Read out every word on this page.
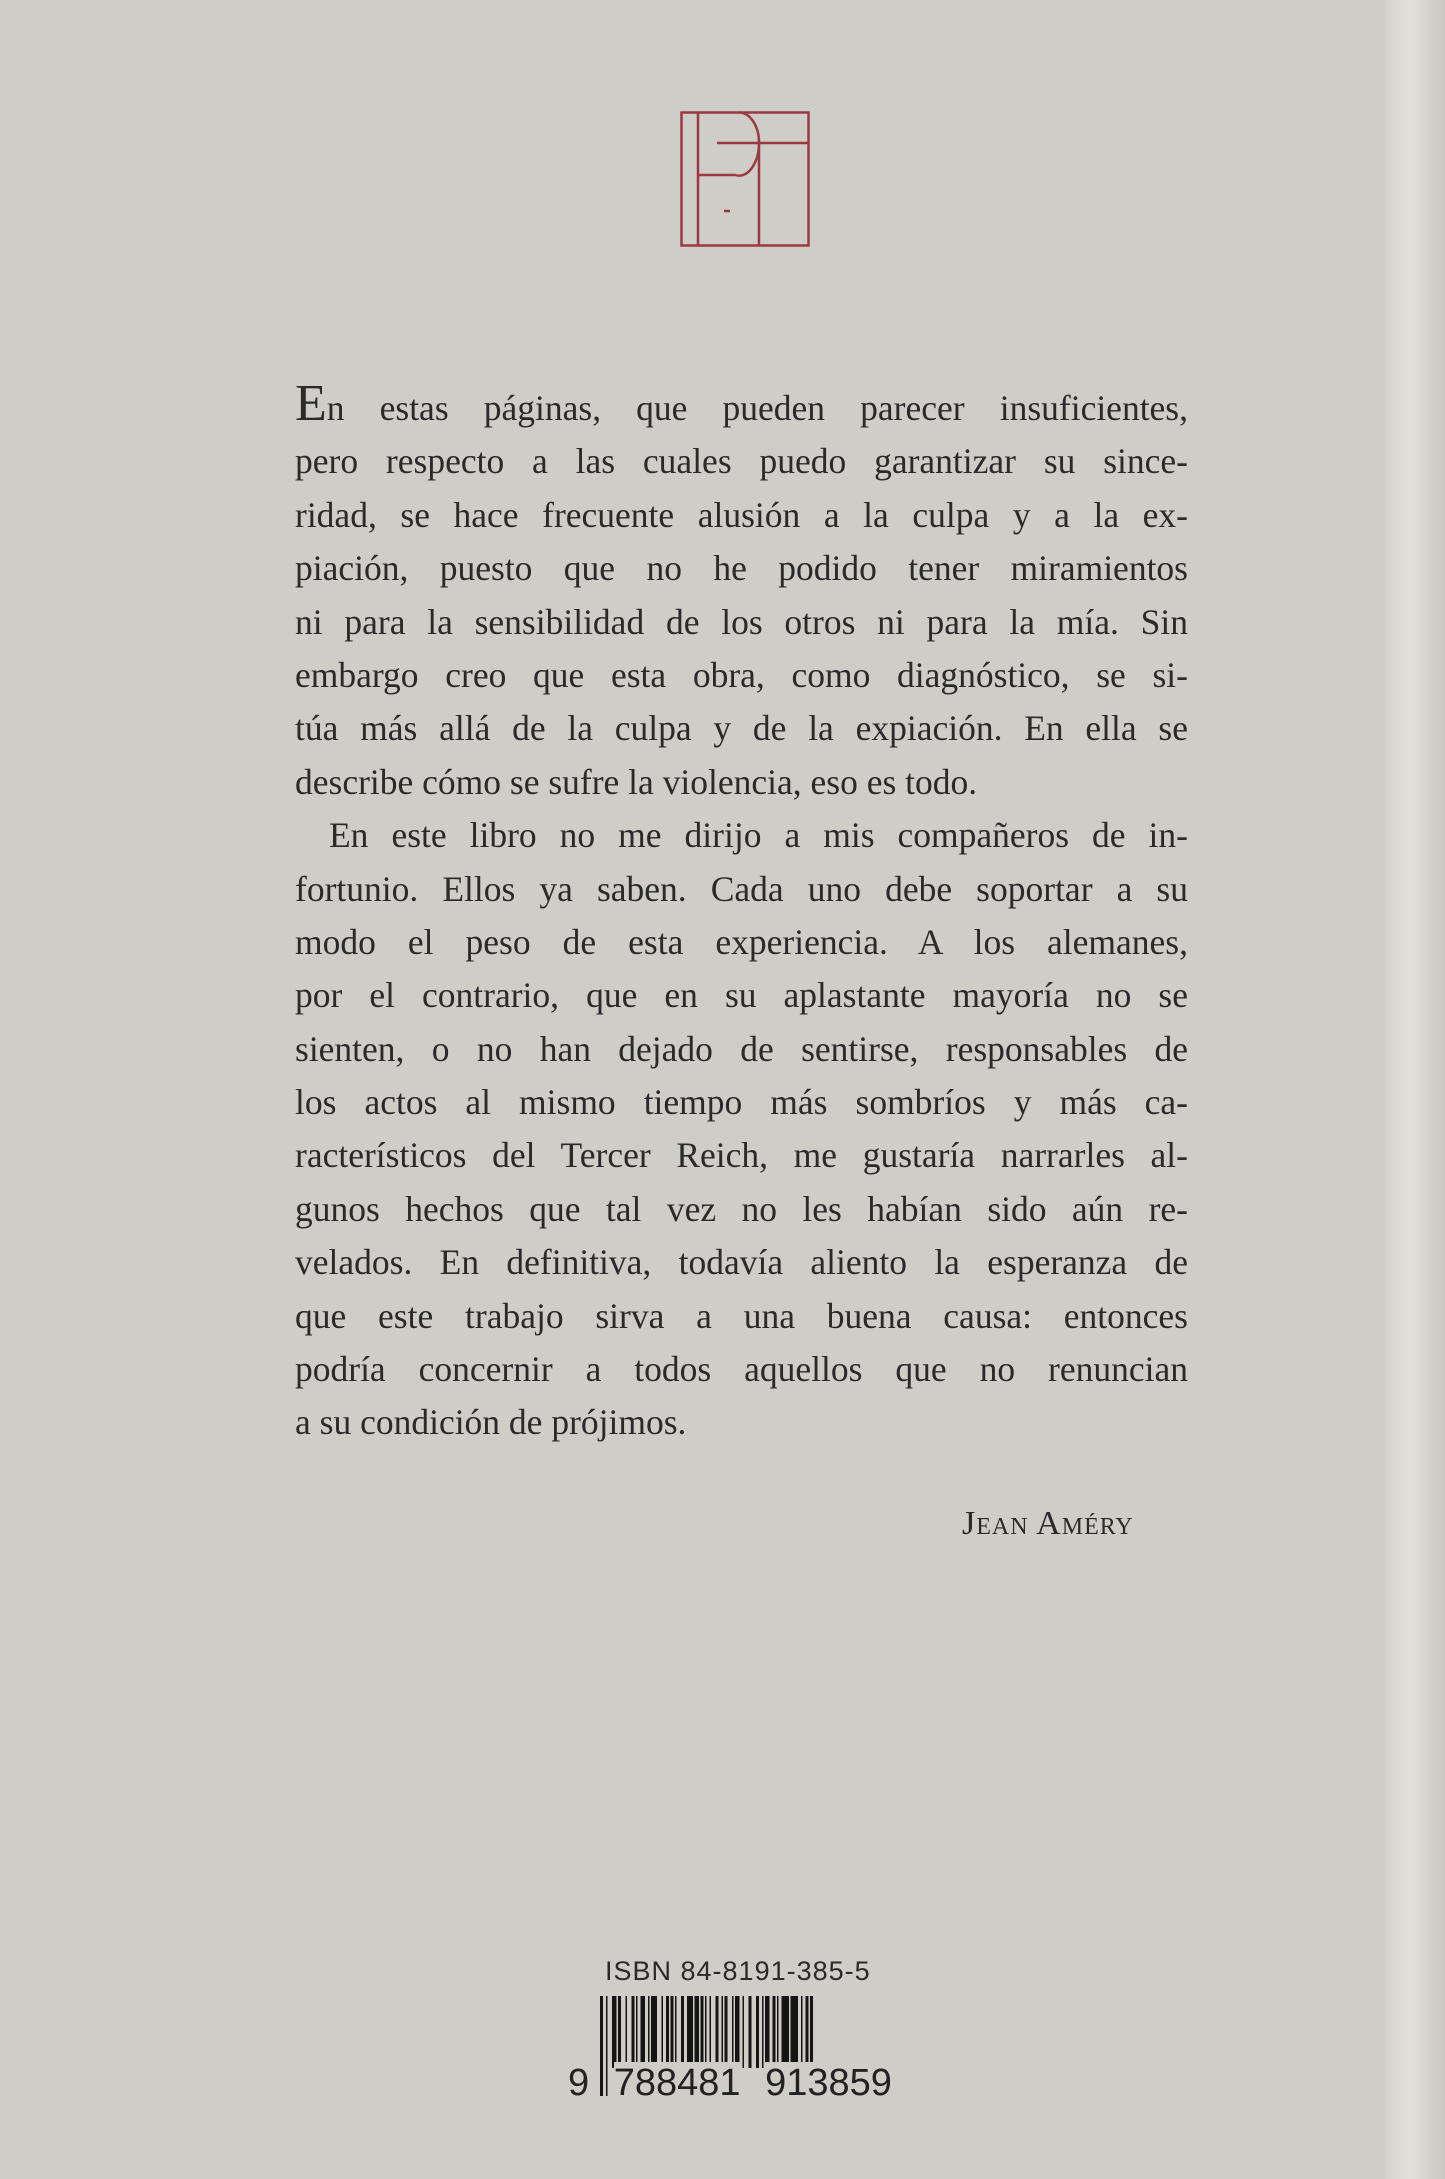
En estas páginas, que pueden parecer insuficientes,
pero respecto a las cuales puedo garantizar su since-
ridad, se hace frecuente alusión a la culpa y a la ex-
piación, puesto que no he podido tener miramientos
ni para la sensibilidad de los otros ni para la mía. Sin
embargo creo que esta obra, como diagnóstico, se si-
túa más allá de la culpa y de la expiación. En ella se
describe cómo se sufre la violencia, eso es todo.
En este libro no me dirijo a mis compañeros de in-
fortunio. Ellos ya saben. Cada uno debe soportar a su
modo el peso de esta experiencia. A los alemanes,
por el contrario, que en su aplastante mayoría no se
sienten, o no han dejado de sentirse, responsables de
los actos al mismo tiempo más sombríos y más ca-
racterísticos del Tercer Reich, me gustaría narrarles al-
gunos hechos que tal vez no les habían sido aún re-
velados. En definitiva, todavía aliento la esperanza de
que este trabajo sirva a una buena causa: entonces
podría concernir a todos aquellos que no renuncian
a su condición de prójimos.
Jean Améry
ISBN 84-8191-385-5
9 788481 913859
